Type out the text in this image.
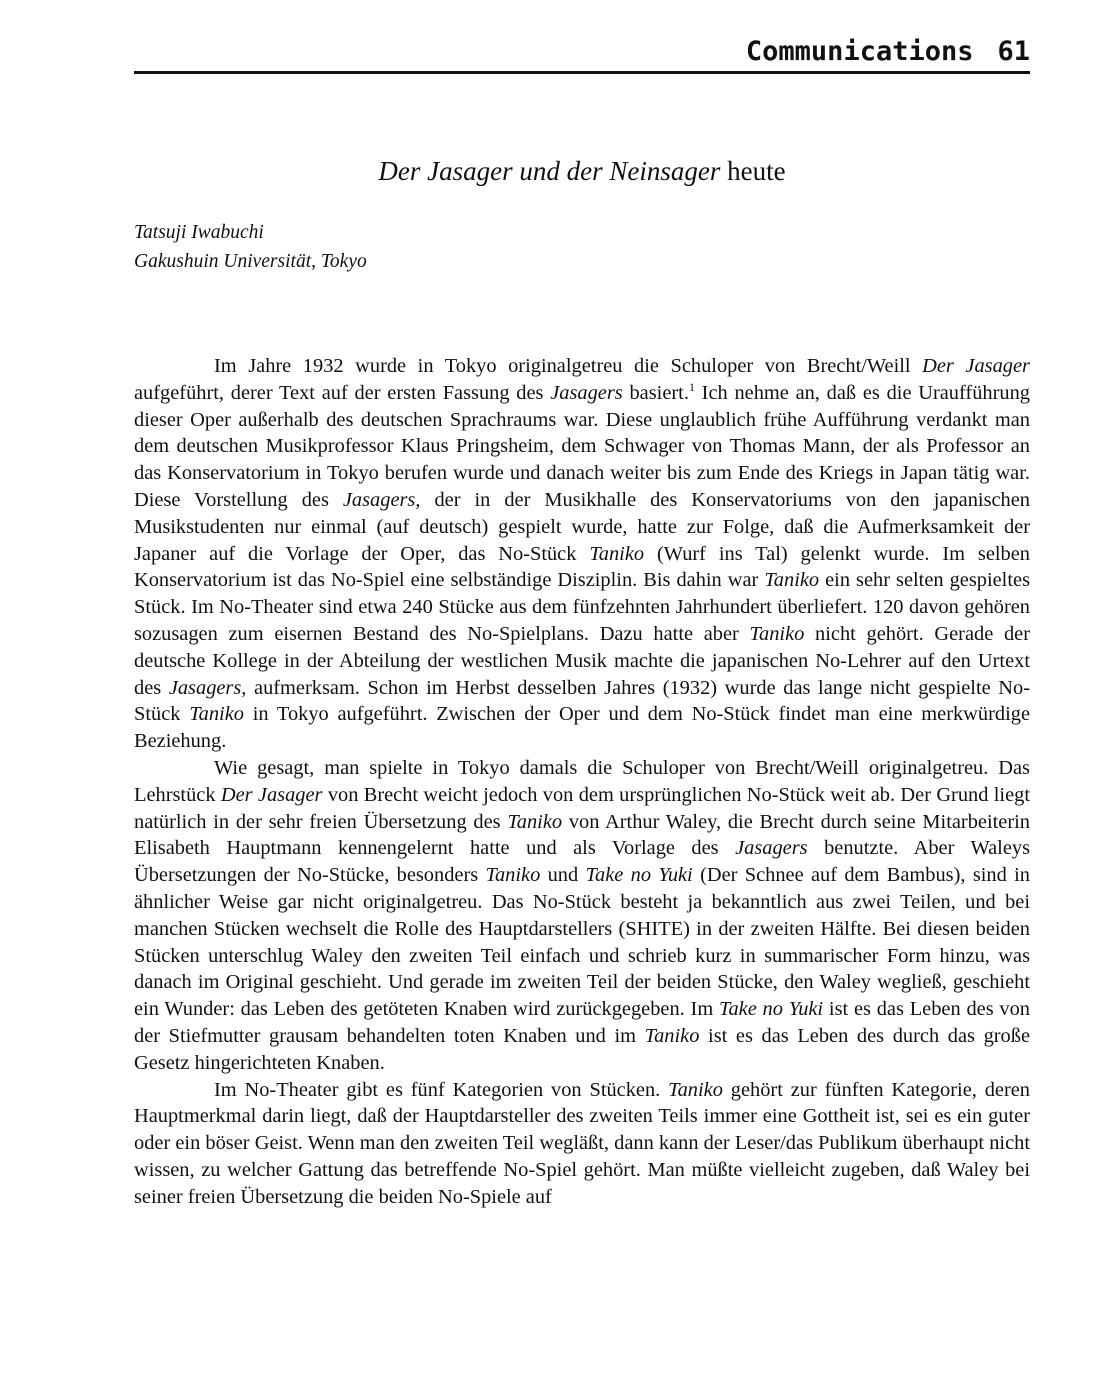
Communications 61
Der Jasager und der Neinsager heute
Tatsuji Iwabuchi
Gakushuin Universität, Tokyo

Im Jahre 1932 wurde in Tokyo originalgetreu die Schuloper von Brecht/Weill Der Jasager aufgeführt, derer Text auf der ersten Fassung des Jasagers basiert.$^1$ Ich nehme an, daß es die Uraufführung dieser Oper außerhalb des deutschen Sprachraums war. Diese unglaublich frühe Aufführung verdankt man dem deutschen Musikprofessor Klaus Pringsheim, dem Schwager von Thomas Mann, der als Professor an das Konservatorium in Tokyo berufen wurde und danach weiter bis zum Ende des Kriegs in Japan tätig war. Diese Vorstellung des Jasagers, der in der Musikhalle des Konservatoriums von den japanischen Musikstudenten nur einmal (auf deutsch) gespielt wurde, hatte zur Folge, daß die Aufmerksamkeit der Japaner auf die Vorlage der Oper, das No-Stück Taniko (Wurf ins Tal) gelenkt wurde. Im selben Konservatorium ist das No-Spiel eine selbständige Disziplin. Bis dahin war Taniko ein sehr selten gespieltes Stück. Im No-Theater sind etwa 240 Stücke aus dem fünfzehnten Jahrhundert überliefert. 120 davon gehören sozusagen zum eisernen Bestand des No-Spielplans. Dazu hatte aber Taniko nicht gehört. Gerade der deutsche Kollege in der Abteilung der westlichen Musik machte die japanischen No-Lehrer auf den Urtext des Jasagers, aufmerksam. Schon im Herbst desselben Jahres (1932) wurde das lange nicht gespielte No-Stück Taniko in Tokyo aufgeführt. Zwischen der Oper und dem No-Stück findet man eine merkwürdige Beziehung.

Wie gesagt, man spielte in Tokyo damals die Schuloper von Brecht/Weill originalgetreu. Das Lehrstück Der Jasager von Brecht weicht jedoch von dem ursprünglichen No-Stück weit ab. Der Grund liegt natürlich in der sehr freien Übersetzung des Taniko von Arthur Waley, die Brecht durch seine Mitarbeiterin Elisabeth Hauptmann kennengelernt hatte und als Vorlage des Jasagers benutzte. Aber Waleys Übersetzungen der No-Stücke, besonders Taniko und Take no Yuki (Der Schnee auf dem Bambus), sind in ähnlicher Weise gar nicht originalgetreu. Das No-Stück besteht ja bekanntlich aus zwei Teilen, und bei manchen Stücken wechselt die Rolle des Hauptdarstellers (SHITE) in der zweiten Hälfte. Bei diesen beiden Stücken unterschlug Waley den zweiten Teil einfach und schrieb kurz in summarischer Form hinzu, was danach im Original geschieht. Und gerade im zweiten Teil der beiden Stücke, den Waley wegließ, geschieht ein Wunder: das Leben des getöteten Knaben wird zurückgegeben. Im Take no Yuki ist es das Leben des von der Stiefmutter grausam behandelten toten Knaben und im Taniko ist es das Leben des durch das große Gesetz hingerichteten Knaben.

Im No-Theater gibt es fünf Kategorien von Stücken. Taniko gehört zur fünften Kategorie, deren Hauptmerkmal darin liegt, daß der Hauptdarsteller des zweiten Teils immer eine Gottheit ist, sei es ein guter oder ein böser Geist. Wenn man den zweiten Teil wegläßt, dann kann der Leser/das Publikum überhaupt nicht wissen, zu welcher Gattung das betreffende No-Spiel gehört. Man müßte vielleicht zugeben, daß Waley bei seiner freien Übersetzung die beiden No-Spiele auf
